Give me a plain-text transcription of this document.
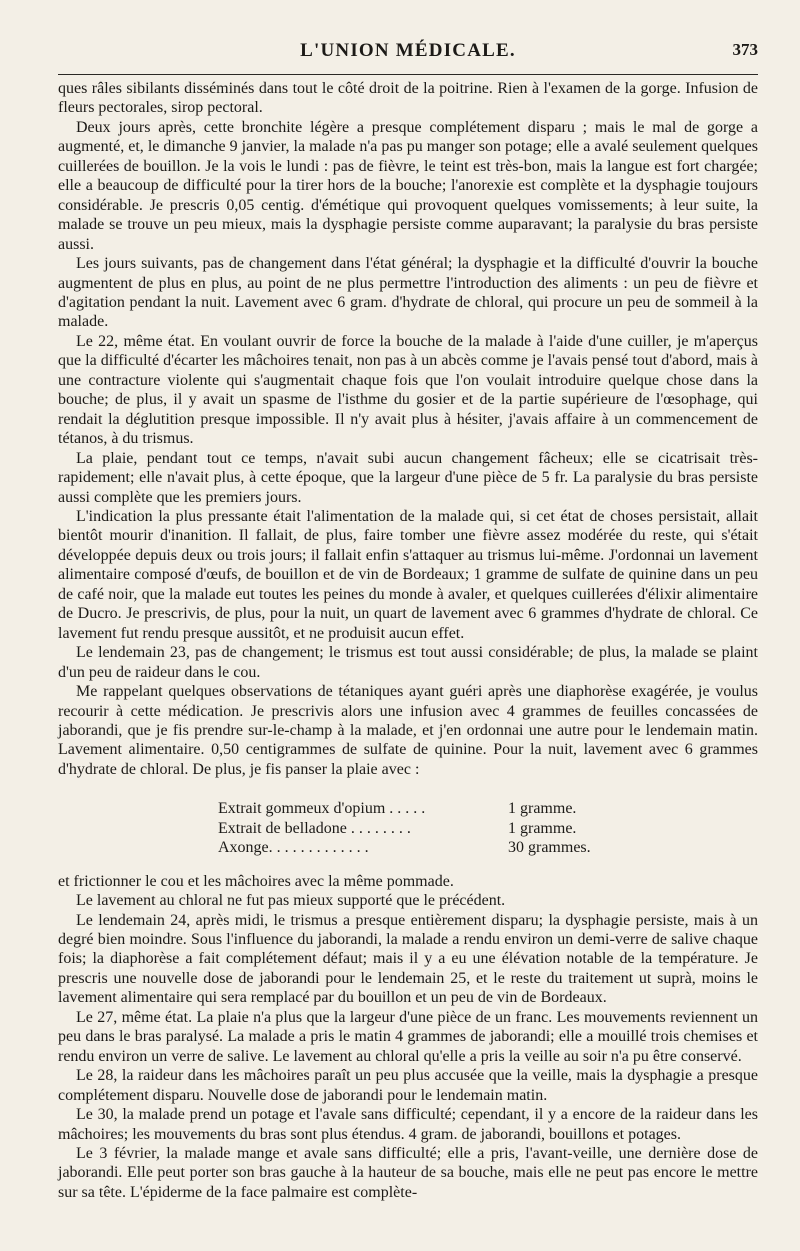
L'UNION MÉDICALE.	373

ques râles sibilants disséminés dans tout le côté droit de la poitrine. Rien à l'examen de la gorge. Infusion de fleurs pectorales, sirop pectoral.

Deux jours après, cette bronchite légère a presque complétement disparu ; mais le mal de gorge a augmenté, et, le dimanche 9 janvier, la malade n'a pas pu manger son potage; elle a avalé seulement quelques cuillerées de bouillon. Je la vois le lundi : pas de fièvre, le teint est très-bon, mais la langue est fort chargée; elle a beaucoup de difficulté pour la tirer hors de la bouche; l'anorexie est complète et la dysphagie toujours considérable. Je prescris 0,05 centig. d'émétique qui provoquent quelques vomissements; à leur suite, la malade se trouve un peu mieux, mais la dysphagie persiste comme auparavant; la paralysie du bras persiste aussi.

Les jours suivants, pas de changement dans l'état général; la dysphagie et la difficulté d'ouvrir la bouche augmentent de plus en plus, au point de ne plus permettre l'introduction des aliments : un peu de fièvre et d'agitation pendant la nuit. Lavement avec 6 gram. d'hydrate de chloral, qui procure un peu de sommeil à la malade.

Le 22, même état. En voulant ouvrir de force la bouche de la malade à l'aide d'une cuiller, je m'aperçus que la difficulté d'écarter les mâchoires tenait, non pas à un abcès comme je l'avais pensé tout d'abord, mais à une contracture violente qui s'augmentait chaque fois que l'on voulait introduire quelque chose dans la bouche; de plus, il y avait un spasme de l'isthme du gosier et de la partie supérieure de l'œsophage, qui rendait la déglutition presque impossible. Il n'y avait plus à hésiter, j'avais affaire à un commencement de tétanos, à du trismus.

La plaie, pendant tout ce temps, n'avait subi aucun changement fâcheux; elle se cicatrisait très-rapidement; elle n'avait plus, à cette époque, que la largeur d'une pièce de 5 fr. La paralysie du bras persiste aussi complète que les premiers jours.

L'indication la plus pressante était l'alimentation de la malade qui, si cet état de choses persistait, allait bientôt mourir d'inanition. Il fallait, de plus, faire tomber une fièvre assez modérée du reste, qui s'était développée depuis deux ou trois jours; il fallait enfin s'attaquer au trismus lui-même. J'ordonnai un lavement alimentaire composé d'œufs, de bouillon et de vin de Bordeaux; 1 gramme de sulfate de quinine dans un peu de café noir, que la malade eut toutes les peines du monde à avaler, et quelques cuillerées d'élixir alimentaire de Ducro. Je prescrivis, de plus, pour la nuit, un quart de lavement avec 6 grammes d'hydrate de chloral. Ce lavement fut rendu presque aussitôt, et ne produisit aucun effet.

Le lendemain 23, pas de changement; le trismus est tout aussi considérable; de plus, la malade se plaint d'un peu de raideur dans le cou.

Me rappelant quelques observations de tétaniques ayant guéri après une diaphorèse exagérée, je voulus recourir à cette médication. Je prescrivis alors une infusion avec 4 grammes de feuilles concassées de jaborandi, que je fis prendre sur-le-champ à la malade, et j'en ordonnai une autre pour le lendemain matin. Lavement alimentaire. 0,50 centigrammes de sulfate de quinine. Pour la nuit, lavement avec 6 grammes d'hydrate de chloral. De plus, je fis panser la plaie avec :

Extrait gommeux d'opium . . . . .	1 gramme.
Extrait de belladone . . . . . . . .	1 gramme.
Axonge. . . . . . . . . . . . .	30 grammes.

et frictionner le cou et les mâchoires avec la même pommade.

Le lavement au chloral ne fut pas mieux supporté que le précédent.

Le lendemain 24, après midi, le trismus a presque entièrement disparu; la dysphagie persiste, mais à un degré bien moindre. Sous l'influence du jaborandi, la malade a rendu environ un demi-verre de salive chaque fois; la diaphorèse a fait complétement défaut; mais il y a eu une élévation notable de la température. Je prescris une nouvelle dose de jaborandi pour le lendemain 25, et le reste du traitement ut suprà, moins le lavement alimentaire qui sera remplacé par du bouillon et un peu de vin de Bordeaux.

Le 27, même état. La plaie n'a plus que la largeur d'une pièce de un franc. Les mouvements reviennent un peu dans le bras paralysé. La malade a pris le matin 4 grammes de jaborandi; elle a mouillé trois chemises et rendu environ un verre de salive. Le lavement au chloral qu'elle a pris la veille au soir n'a pu être conservé.

Le 28, la raideur dans les mâchoires paraît un peu plus accusée que la veille, mais la dysphagie a presque complétement disparu. Nouvelle dose de jaborandi pour le lendemain matin.

Le 30, la malade prend un potage et l'avale sans difficulté; cependant, il y a encore de la raideur dans les mâchoires; les mouvements du bras sont plus étendus. 4 gram. de jaborandi, bouillons et potages.

Le 3 février, la malade mange et avale sans difficulté; elle a pris, l'avant-veille, une dernière dose de jaborandi. Elle peut porter son bras gauche à la hauteur de sa bouche, mais elle ne peut pas encore le mettre sur sa tête. L'épiderme de la face palmaire est complète-
